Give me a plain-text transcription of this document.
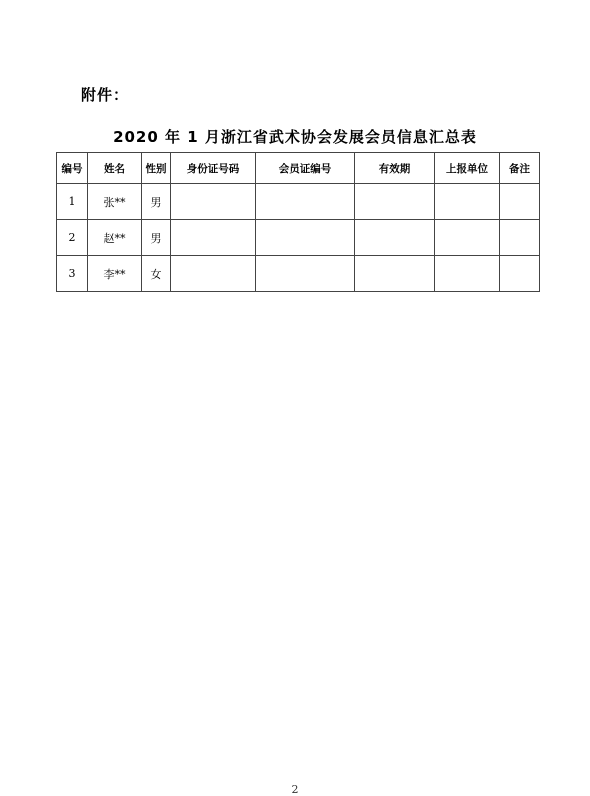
附件：
2020 年 1 月浙江省武术协会发展会员信息汇总表
编号	姓名	性别	身份证号码	会员证编号	有效期	上报单位	备注
1	张**	男					
2	赵**	男					
3	李**	女					
2
